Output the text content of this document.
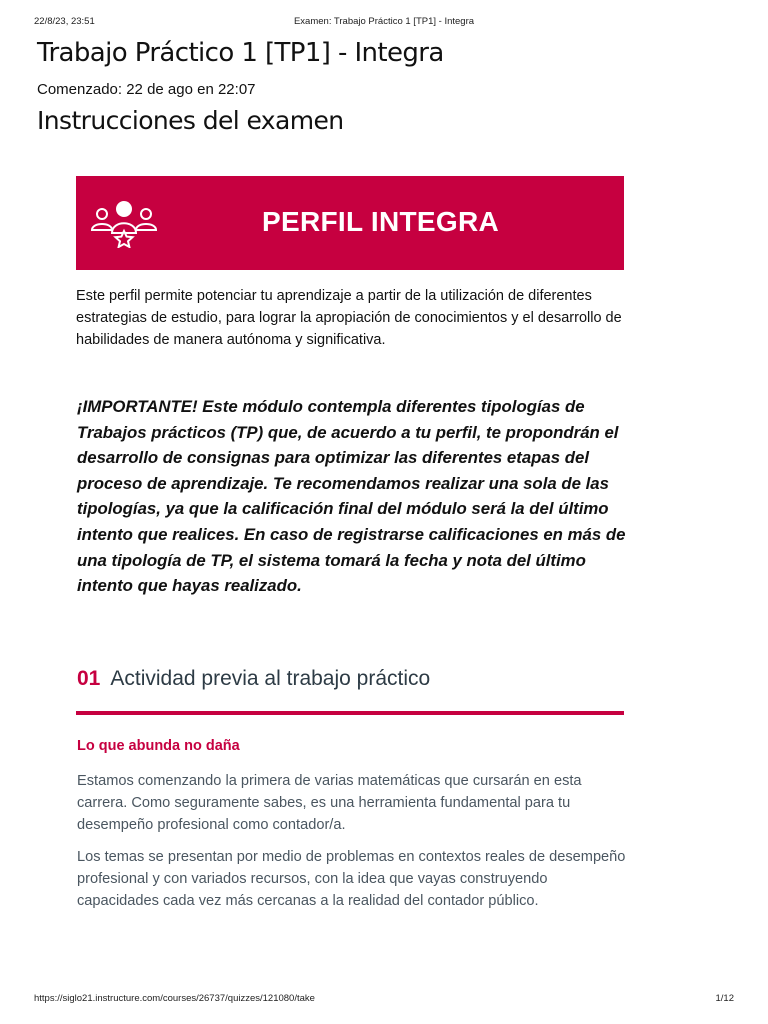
Examen: Trabajo Práctico 1 [TP1] - Integra
22/8/23, 23:51
Trabajo Práctico 1 [TP1] - Integra
Comenzado: 22 de ago en 22:07
Instrucciones del examen
PERFIL INTEGRA

Este perfil permite potenciar tu aprendizaje a partir de la utilización de diferentes estrategias de estudio, para lograr la apropiación de conocimientos y el desarrollo de habilidades de manera autónoma y significativa.

¡IMPORTANTE! Este módulo contempla diferentes tipologías de Trabajos prácticos (TP) que, de acuerdo a tu perfil, te propondrán el desarrollo de consignas para optimizar las diferentes etapas del proceso de aprendizaje. Te recomendamos realizar una sola de las tipologías, ya que la calificación final del módulo será la del último intento que realices. En caso de registrarse calificaciones en más de una tipología de TP, el sistema tomará la fecha y nota del último intento que hayas realizado.

01 Actividad previa al trabajo práctico
Lo que abunda no daña

Estamos comenzando la primera de varias matemáticas que cursarán en esta carrera. Como seguramente sabes, es una herramienta fundamental para tu desempeño profesional como contador/a.

Los temas se presentan por medio de problemas en contextos reales de desempeño profesional y con variados recursos, con la idea que vayas construyendo capacidades cada vez más cercanas a la realidad del contador público.

https://siglo21.instructure.com/courses/26737/quizzes/121080/take	1/12
